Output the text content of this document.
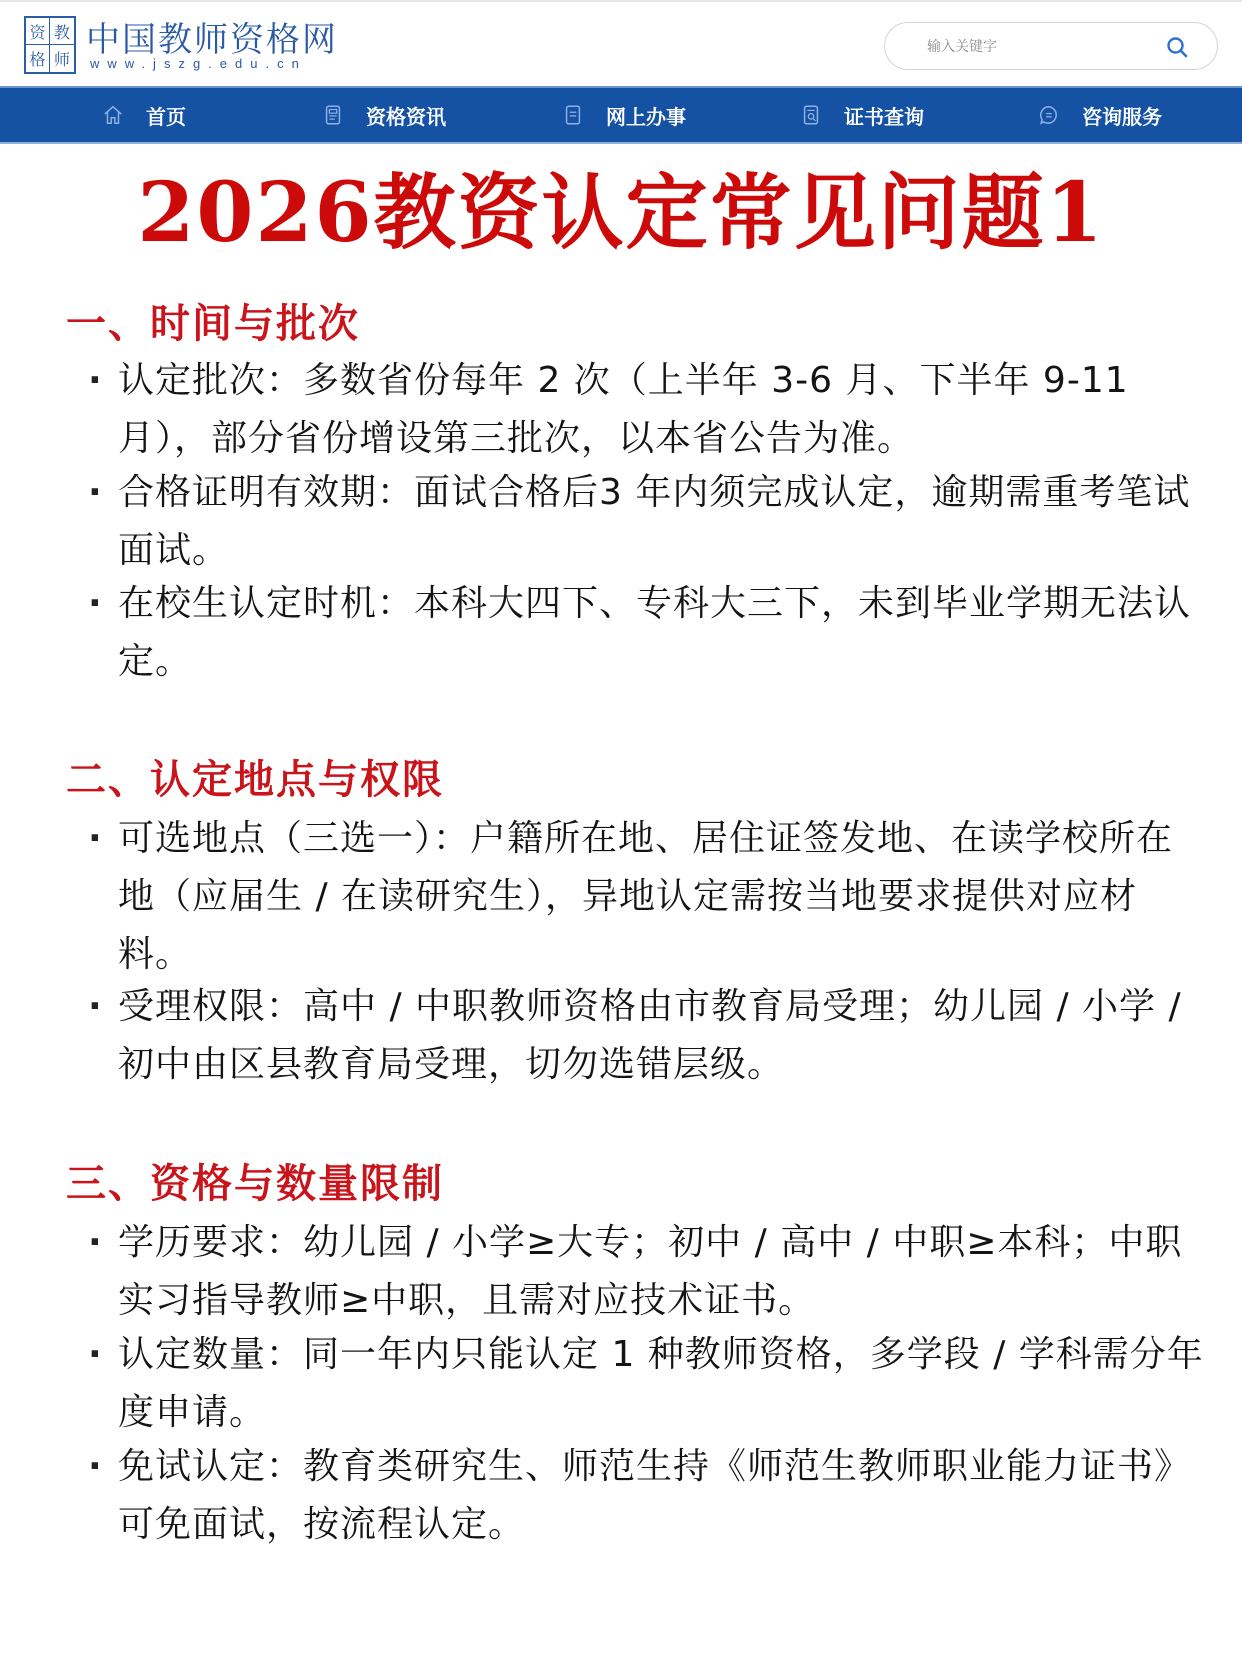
资 教
格 师 中国教师资格网
www.jszg.edu.cn
输入关键字
首页	资格资讯	网上办事	证书查询	咨询服务
2026教资认定常见问题1
一、时间与批次
· 认定批次：多数省份每年 2 次（上半年 3-6 月、下半年 9-11 月），部分省份增设第三批次，以本省公告为准。
· 合格证明有效期：面试合格后3 年内须完成认定，逾期需重考笔试面试。
· 在校生认定时机：本科大四下、专科大三下，未到毕业学期无法认定。
二、认定地点与权限
· 可选地点（三选一）：户籍所在地、居住证签发地、在读学校所在地（应届生 / 在读研究生），异地认定需按当地要求提供对应材料。
· 受理权限：高中 / 中职教师资格由市教育局受理；幼儿园 / 小学 / 初中由区县教育局受理，切勿选错层级。
三、资格与数量限制
· 学历要求：幼儿园 / 小学≥大专；初中 / 高中 / 中职≥本科；中职实习指导教师≥中职，且需对应技术证书。
· 认定数量：同一年内只能认定 1 种教师资格，多学段 / 学科需分年度申请。
· 免试认定：教育类研究生、师范生持《师范生教师职业能力证书》可免面试，按流程认定。
